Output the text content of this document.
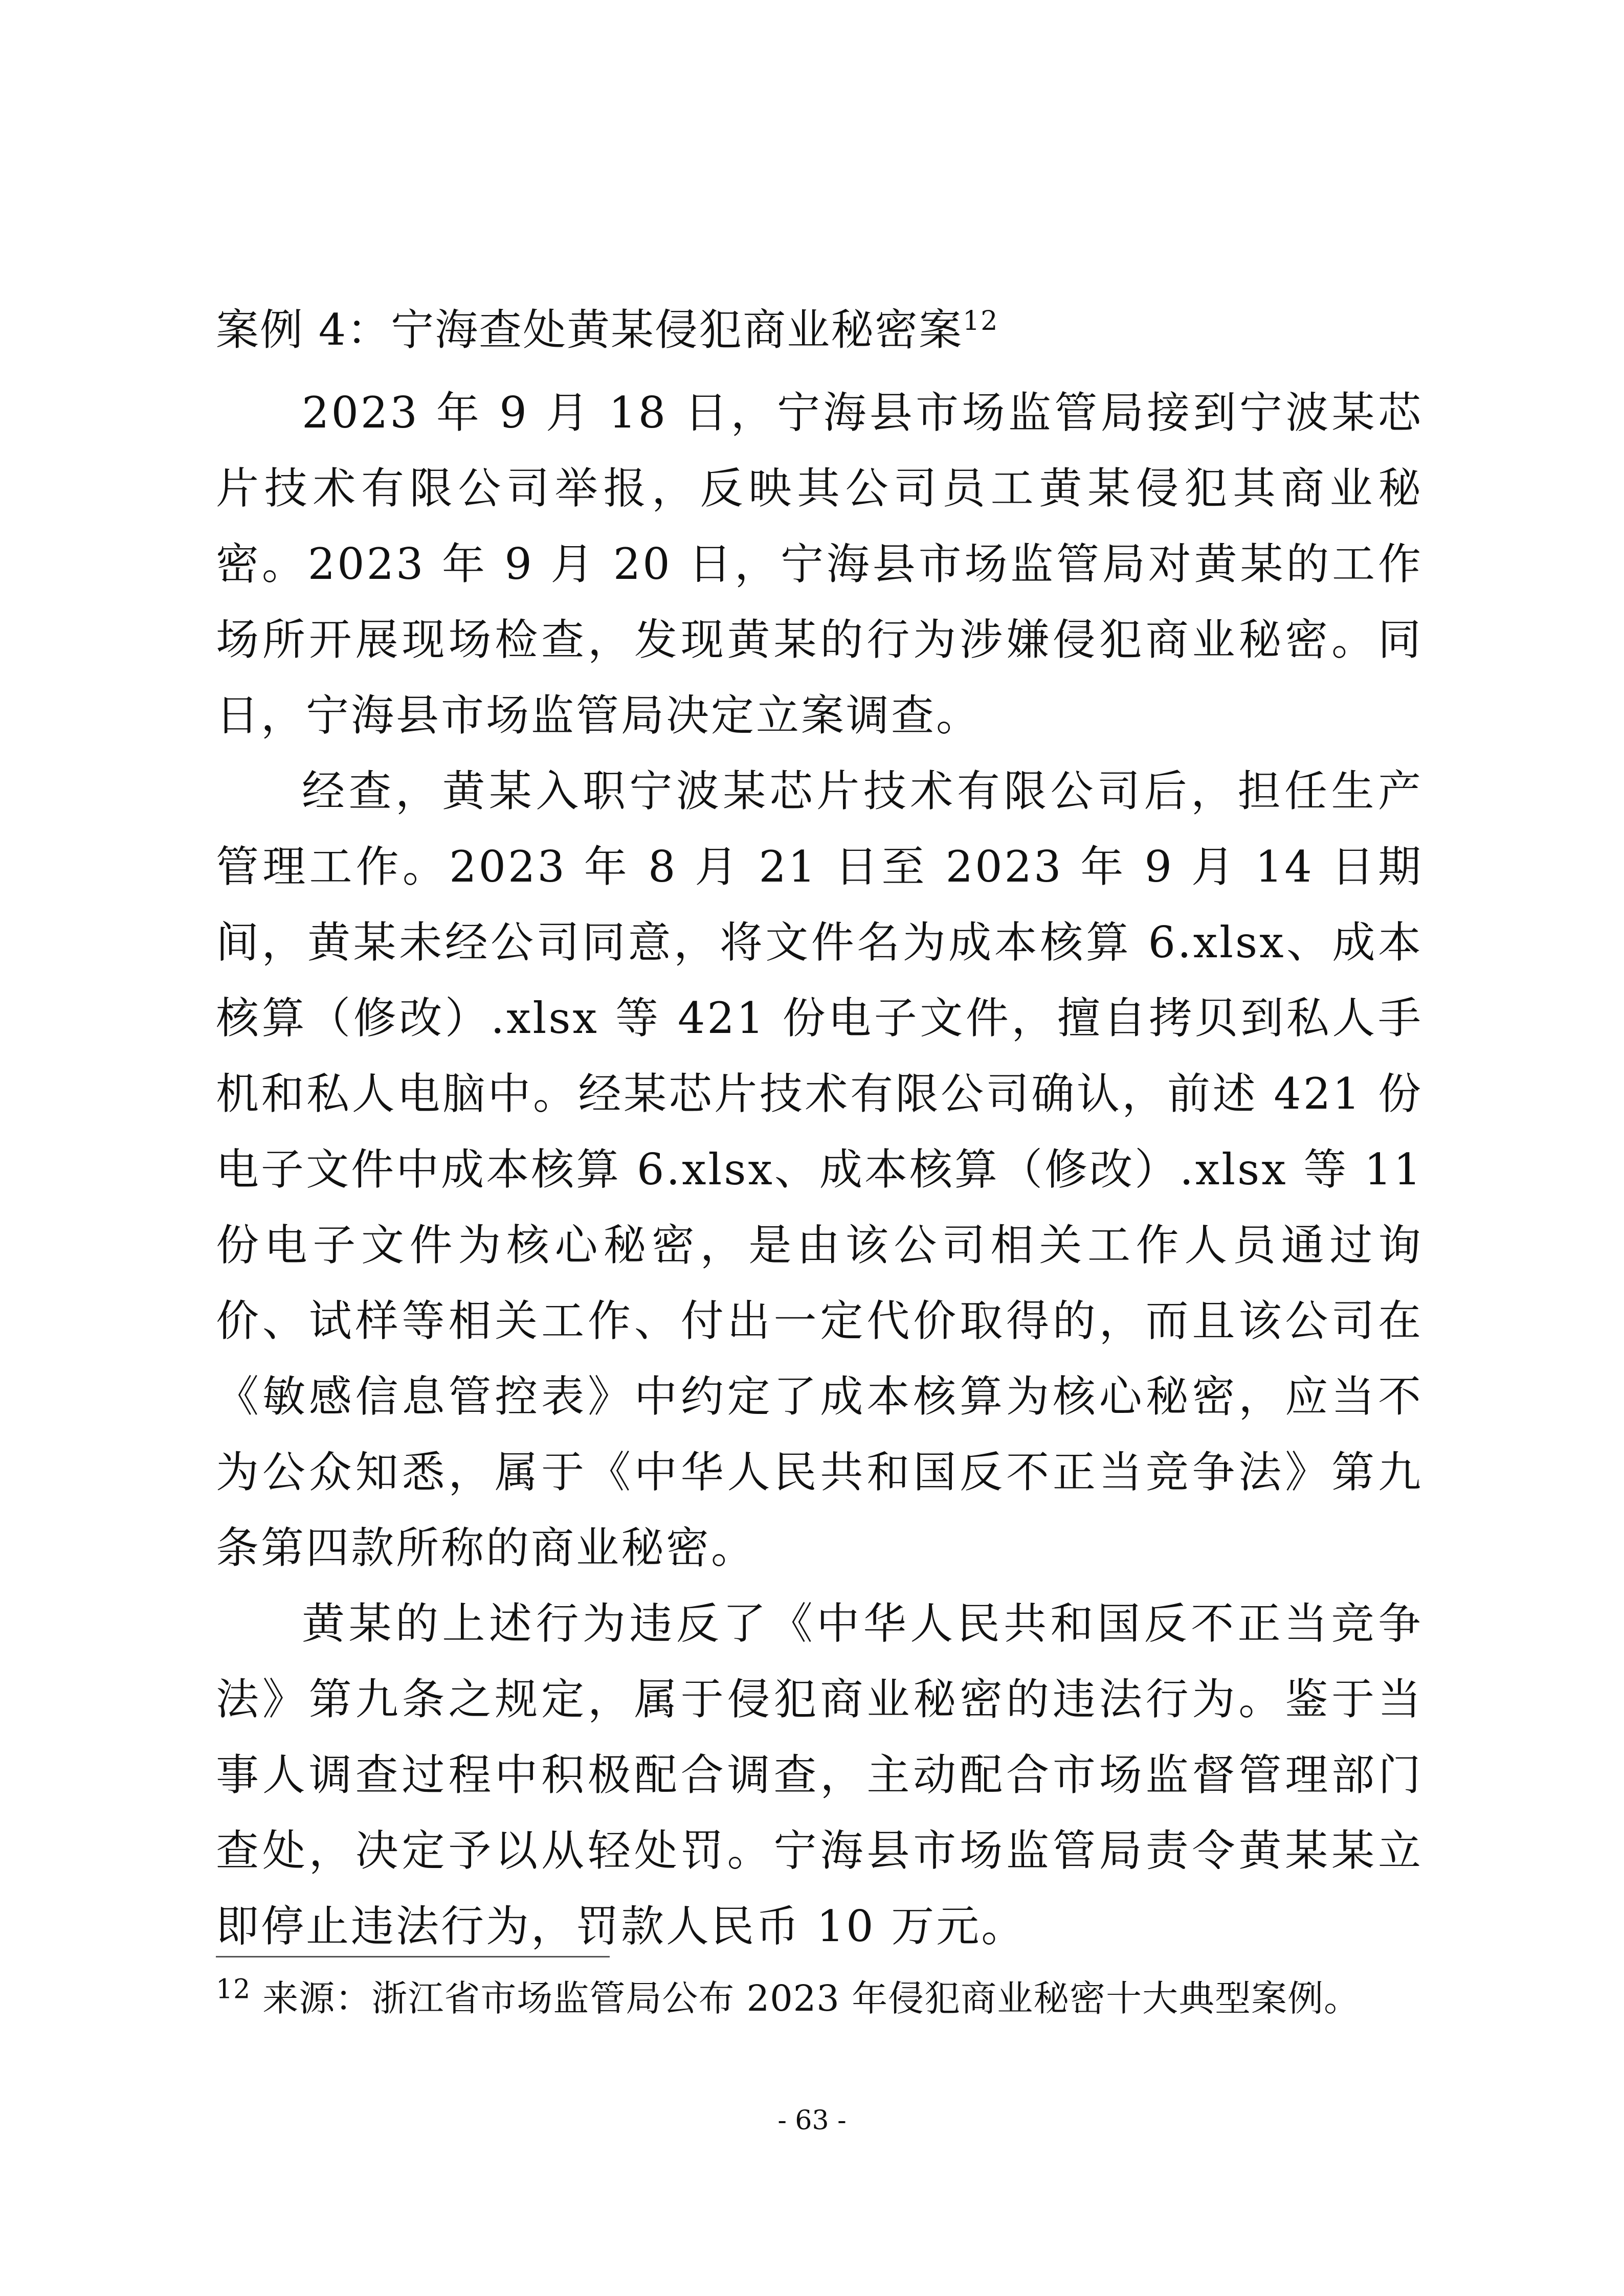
案例 4：宁海查处黄某侵犯商业秘密案$^{12}$

2023 年 9 月 18 日，宁海县市场监管局接到宁波某芯片技术有限公司举报，反映其公司员工黄某侵犯其商业秘密。2023 年 9 月 20 日，宁海县市场监管局对黄某的工作场所开展现场检查，发现黄某的行为涉嫌侵犯商业秘密。同日，宁海县市场监管局决定立案调查。

经查，黄某入职宁波某芯片技术有限公司后，担任生产管理工作。2023 年 8 月 21 日至 2023 年 9 月 14 日期间，黄某未经公司同意，将文件名为成本核算 6.xlsx、成本核算（修改）.xlsx 等 421 份电子文件，擅自拷贝到私人手机和私人电脑中。经某芯片技术有限公司确认，前述 421 份电子文件中成本核算 6.xlsx、成本核算（修改）.xlsx 等 11 份电子文件为核心秘密，是由该公司相关工作人员通过询价、试样等相关工作、付出一定代价取得的，而且该公司在《敏感信息管控表》中约定了成本核算为核心秘密，应当不为公众知悉，属于《中华人民共和国反不正当竞争法》第九条第四款所称的商业秘密。

黄某的上述行为违反了《中华人民共和国反不正当竞争法》第九条之规定，属于侵犯商业秘密的违法行为。鉴于当事人调查过程中积极配合调查，主动配合市场监督管理部门查处，决定予以从轻处罚。宁海县市场监管局责令黄某某立即停止违法行为，罚款人民币 10 万元。

$^{12}$ 来源：浙江省市场监管局公布 2023 年侵犯商业秘密十大典型案例。
- 63 -
